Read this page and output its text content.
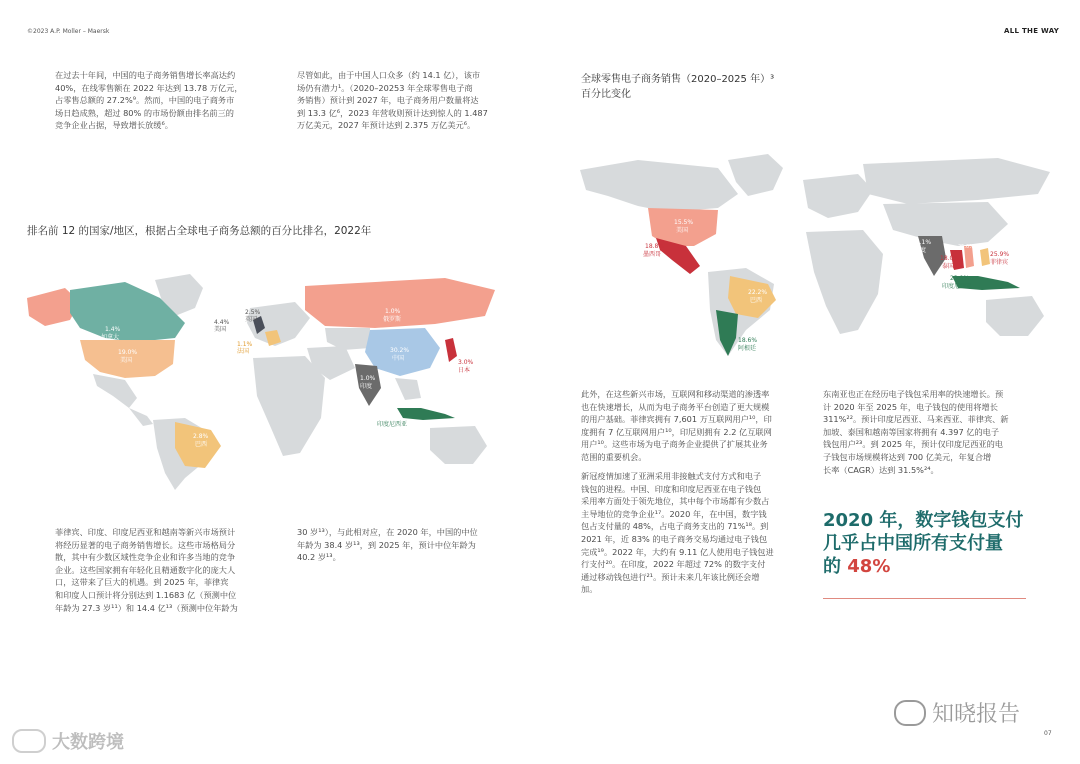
©2023 A.P. Moller – Maersk	ALL THE WAY
在过去十年间，中国的电子商务销售增长率高达约
40%，在线零售额在 2022 年达到 13.78 万亿元，
占零售总额的 27.2%⁹。然而，中国的电子商务市
场日趋成熟，超过 80% 的市场份额由排名前三的
竞争企业占据，导致增长放缓⁶。
尽管如此，由于中国人口众多（约 14.1 亿），该市
场仍有潜力¹。（2020–20253 年全球零售电子商
务销售）预计到 2027 年，电子商务用户数量将达
到 13.3 亿⁶，2023 年营收则预计达到惊人的 1.487
万亿美元，2027 年预计达到 2.375 万亿美元⁶。
排名前 12 的国家/地区，根据占全球电子商务总额的百分比排名，2022年
1.4%
加拿大
19.0%
美国
2.5%
英国
4.4%
美国
1.1%
法国
1.0%
俄罗斯
1.0%
印度
30.2%
中国
3.0%
日本
印度尼西亚
2.8%
巴西
菲律宾、印度、印度尼西亚和越南等新兴市场预计
将经历显著的电子商务销售增长。这些市场格局分
散，其中有少数区域性竞争企业和许多当地的竞争
企业。这些国家拥有年轻化且精通数字化的庞大人
口，这带来了巨大的机遇。到 2025 年，菲律宾
和印度人口预计将分别达到 1.1683 亿（预测中位
年龄为 27.3 岁¹¹）和 14.4 亿¹³（预测中位年龄为
30 岁¹³），与此相对应，在 2020 年，中国的中位
年龄为 38.4 岁¹³，到 2025 年，预计中位年龄为
40.2 岁¹³。
全球零售电子商务销售（2020–2025 年）³
百分比变化
15.5%
美国
18.8%
墨西哥
22.2%
巴西
18.6%
阿根廷
25.1%
印度
18.0%
泰国
25.9%
菲律宾
23.0%
印度尼西亚
25.0%
此外，在这些新兴市场，互联网和移动渠道的渗透率
也在快速增长，从而为电子商务平台创造了更大规模
的用户基础。菲律宾拥有 7,601 万互联网用户¹⁰，印
度拥有 7 亿互联网用户¹⁰，印尼则拥有 2.2 亿互联网
用户¹⁰。这些市场为电子商务企业提供了扩展其业务
范围的重要机会。
新冠疫情加速了亚洲采用非接触式支付方式和电子
钱包的进程。中国、印度和印度尼西亚在电子钱包
采用率方面处于领先地位，其中每个市场都有少数占
主导地位的竞争企业¹⁷。2020 年，在中国，数字钱
包占支付量的 48%，占电子商务支出的 71%¹⁸。到
2021 年，近 83% 的电子商务交易均通过电子钱包
完成¹⁹。2022 年，大约有 9.11 亿人使用电子钱包进
行支付²⁰。在印度，2022 年超过 72% 的数字支付
通过移动钱包进行²¹。预计未来几年该比例还会增
加。
东南亚也正在经历电子钱包采用率的快速增长。预
计 2020 年至 2025 年，电子钱包的使用将增长
311%²²。预计印度尼西亚、马来西亚、菲律宾、新
加坡、泰国和越南等国家将拥有 4.397 亿的电子
钱包用户²³。到 2025 年，预计仅印度尼西亚的电
子钱包市场规模将达到 700 亿美元，年复合增
长率（CAGR）达到 31.5%²⁴。
2020 年，数字钱包支付
几乎占中国所有支付量
的 48%
大数跨境
知晓报告
07
